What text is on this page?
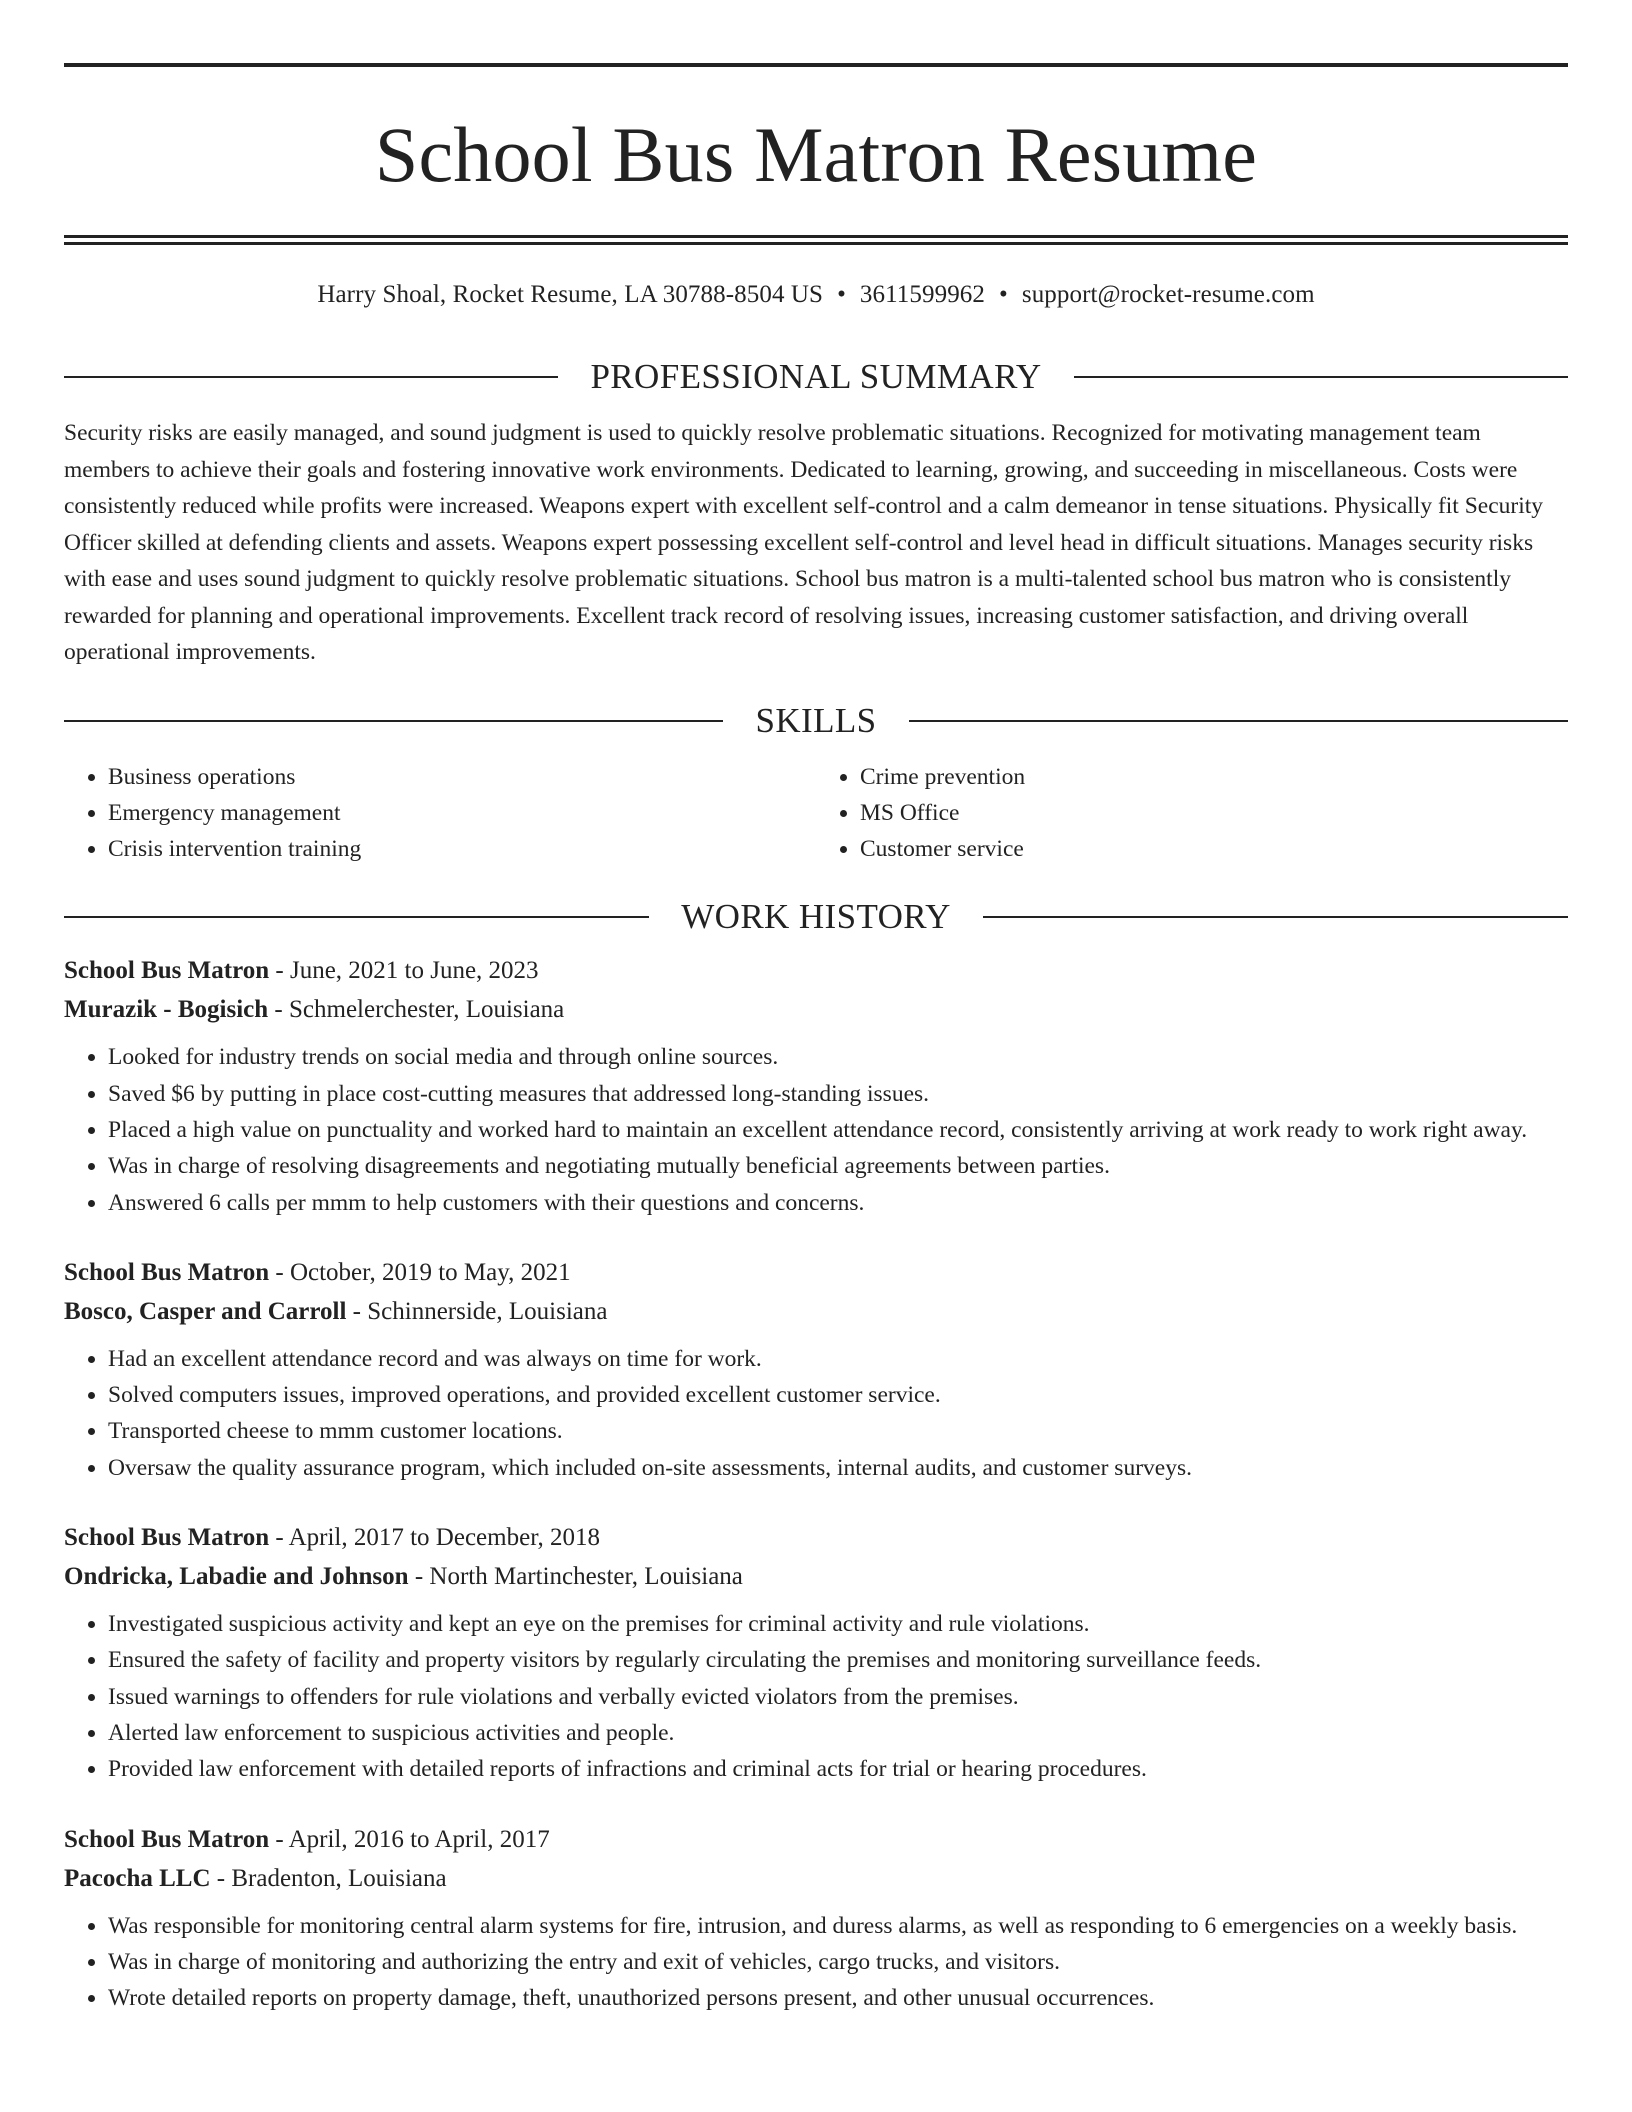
School Bus Matron Resume
Harry Shoal, Rocket Resume, LA 30788-8504 US • 3611599962 • support@rocket-resume.com
PROFESSIONAL SUMMARY

Security risks are easily managed, and sound judgment is used to quickly resolve problematic situations. Recognized for motivating management team members to achieve their goals and fostering innovative work environments. Dedicated to learning, growing, and succeeding in miscellaneous. Costs were consistently reduced while profits were increased. Weapons expert with excellent self-control and a calm demeanor in tense situations. Physically fit Security Officer skilled at defending clients and assets. Weapons expert possessing excellent self-control and level head in difficult situations. Manages security risks with ease and uses sound judgment to quickly resolve problematic situations. School bus matron is a multi-talented school bus matron who is consistently rewarded for planning and operational improvements. Excellent track record of resolving issues, increasing customer satisfaction, and driving overall operational improvements.

SKILLS
• Business operations
• Emergency management
• Crisis intervention training
• Crime prevention
• MS Office
• Customer service
WORK HISTORY
School Bus Matron - June, 2021 to June, 2023
Murazik - Bogisich - Schmelerchester, Louisiana
• Looked for industry trends on social media and through online sources.
• Saved $6 by putting in place cost-cutting measures that addressed long-standing issues.
• Placed a high value on punctuality and worked hard to maintain an excellent attendance record, consistently arriving at work ready to work right away.
• Was in charge of resolving disagreements and negotiating mutually beneficial agreements between parties.
• Answered 6 calls per mmm to help customers with their questions and concerns.
School Bus Matron - October, 2019 to May, 2021
Bosco, Casper and Carroll - Schinnerside, Louisiana
• Had an excellent attendance record and was always on time for work.
• Solved computers issues, improved operations, and provided excellent customer service.
• Transported cheese to mmm customer locations.
• Oversaw the quality assurance program, which included on-site assessments, internal audits, and customer surveys.
School Bus Matron - April, 2017 to December, 2018
Ondricka, Labadie and Johnson - North Martinchester, Louisiana
• Investigated suspicious activity and kept an eye on the premises for criminal activity and rule violations.
• Ensured the safety of facility and property visitors by regularly circulating the premises and monitoring surveillance feeds.
• Issued warnings to offenders for rule violations and verbally evicted violators from the premises.
• Alerted law enforcement to suspicious activities and people.
• Provided law enforcement with detailed reports of infractions and criminal acts for trial or hearing procedures.
School Bus Matron - April, 2016 to April, 2017
Pacocha LLC - Bradenton, Louisiana
• Was responsible for monitoring central alarm systems for fire, intrusion, and duress alarms, as well as responding to 6 emergencies on a weekly basis.
• Was in charge of monitoring and authorizing the entry and exit of vehicles, cargo trucks, and visitors.
• Wrote detailed reports on property damage, theft, unauthorized persons present, and other unusual occurrences.
